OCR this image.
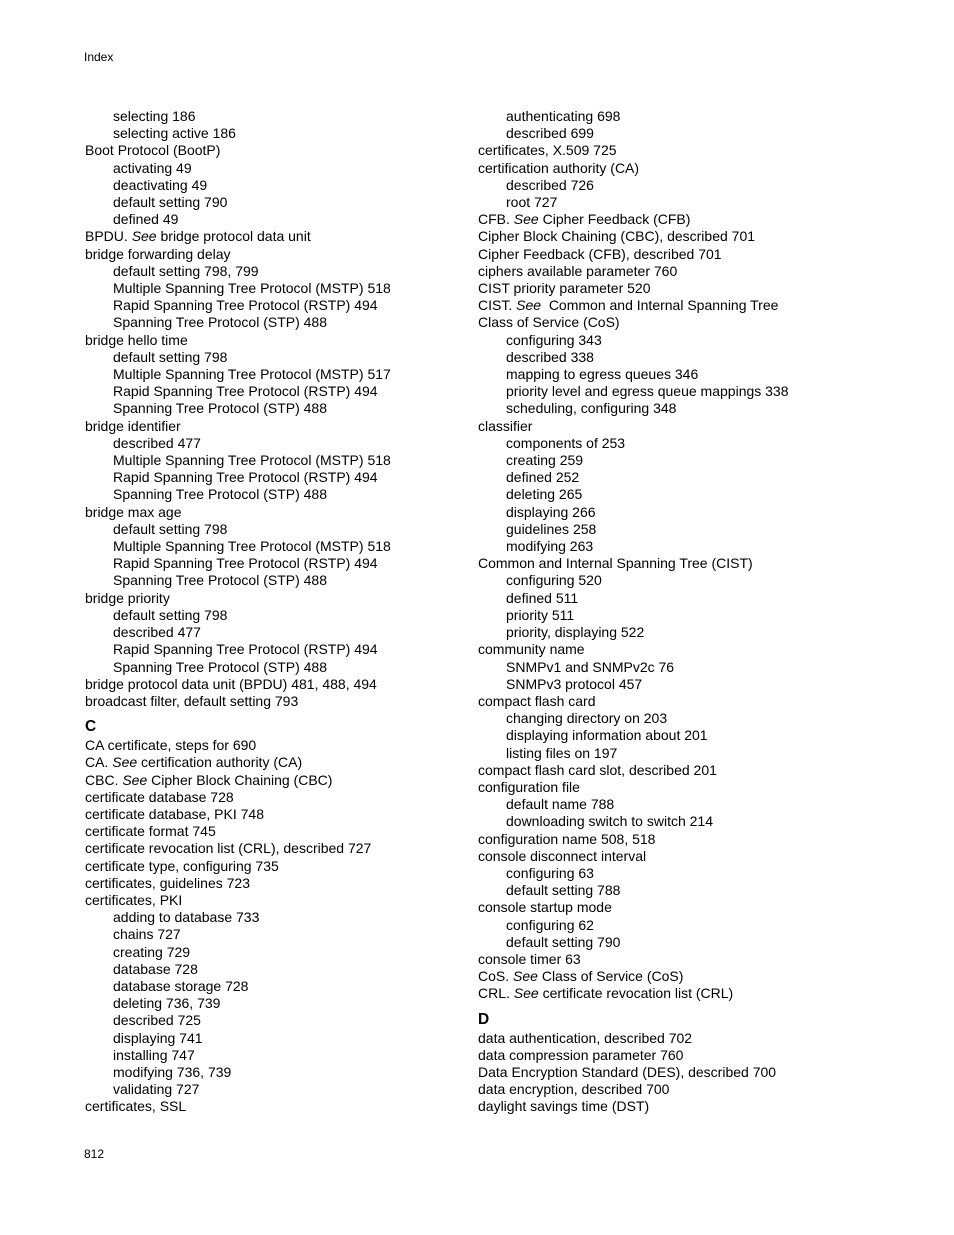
Index
selecting 186
selecting active 186
Boot Protocol (BootP)
activating 49
deactivating 49
default setting 790
defined 49
BPDU. See bridge protocol data unit
bridge forwarding delay
default setting 798, 799
Multiple Spanning Tree Protocol (MSTP) 518
Rapid Spanning Tree Protocol (RSTP) 494
Spanning Tree Protocol (STP) 488
bridge hello time
default setting 798
Multiple Spanning Tree Protocol (MSTP) 517
Rapid Spanning Tree Protocol (RSTP) 494
Spanning Tree Protocol (STP) 488
bridge identifier
described 477
Multiple Spanning Tree Protocol (MSTP) 518
Rapid Spanning Tree Protocol (RSTP) 494
Spanning Tree Protocol (STP) 488
bridge max age
default setting 798
Multiple Spanning Tree Protocol (MSTP) 518
Rapid Spanning Tree Protocol (RSTP) 494
Spanning Tree Protocol (STP) 488
bridge priority
default setting 798
described 477
Rapid Spanning Tree Protocol (RSTP) 494
Spanning Tree Protocol (STP) 488
bridge protocol data unit (BPDU) 481, 488, 494
broadcast filter, default setting 793
C
CA certificate, steps for 690
CA. See certification authority (CA)
CBC. See Cipher Block Chaining (CBC)
certificate database 728
certificate database, PKI 748
certificate format 745
certificate revocation list (CRL), described 727
certificate type, configuring 735
certificates, guidelines 723
certificates, PKI
adding to database 733
chains 727
creating 729
database 728
database storage 728
deleting 736, 739
described 725
displaying 741
installing 747
modifying 736, 739
validating 727
certificates, SSL
authenticating 698
described 699
certificates, X.509 725
certification authority (CA)
described 726
root 727
CFB. See Cipher Feedback (CFB)
Cipher Block Chaining (CBC), described 701
Cipher Feedback (CFB), described 701
ciphers available parameter 760
CIST priority parameter 520
CIST. See  Common and Internal Spanning Tree
Class of Service (CoS)
configuring 343
described 338
mapping to egress queues 346
priority level and egress queue mappings 338
scheduling, configuring 348
classifier
components of 253
creating 259
defined 252
deleting 265
displaying 266
guidelines 258
modifying 263
Common and Internal Spanning Tree (CIST)
configuring 520
defined 511
priority 511
priority, displaying 522
community name
SNMPv1 and SNMPv2c 76
SNMPv3 protocol 457
compact flash card
changing directory on 203
displaying information about 201
listing files on 197
compact flash card slot, described 201
configuration file
default name 788
downloading switch to switch 214
configuration name 508, 518
console disconnect interval
configuring 63
default setting 788
console startup mode
configuring 62
default setting 790
console timer 63
CoS. See Class of Service (CoS)
CRL. See certificate revocation list (CRL)
D
data authentication, described 702
data compression parameter 760
Data Encryption Standard (DES), described 700
data encryption, described 700
daylight savings time (DST)
812
